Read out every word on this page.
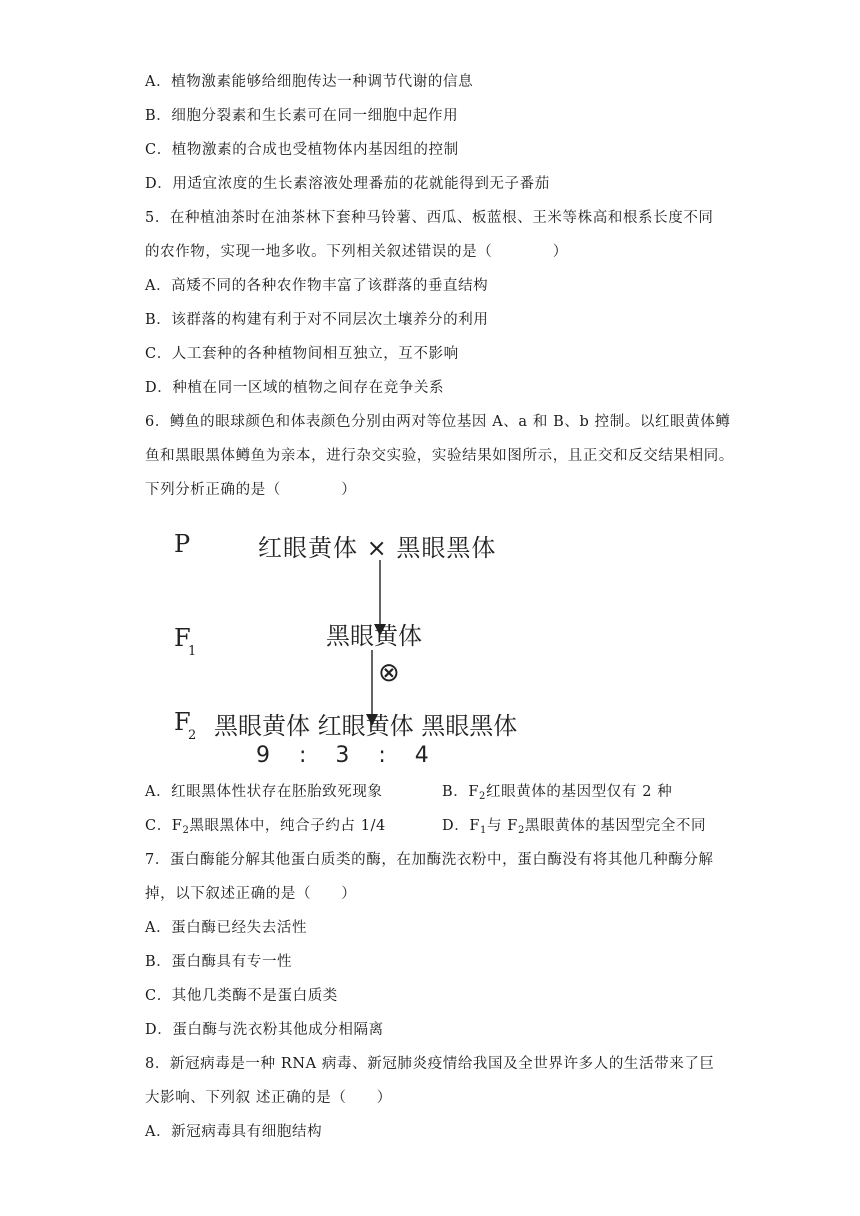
A．植物激素能够给细胞传达一种调节代谢的信息
B．细胞分裂素和生长素可在同一细胞中起作用
C．植物激素的合成也受植物体内基因组的控制
D．用适宜浓度的生长素溶液处理番茄的花就能得到无子番茄
5．在种植油茶时在油茶林下套种马铃薯、西瓜、板蓝根、王米等株高和根系长度不同
的农作物，实现一地多收。下列相关叙述错误的是（　　　　）
A．高矮不同的各种农作物丰富了该群落的垂直结构
B．该群落的构建有利于对不同层次土壤养分的利用
C．人工套种的各种植物间相互独立，互不影响
D．种植在同一区域的植物之间存在竞争关系
6．鳟鱼的眼球颜色和体表颜色分别由两对等位基因 A、a 和 B、b 控制。以红眼黄体鳟
鱼和黑眼黑体鳟鱼为亲本，进行杂交实验，实验结果如图所示，且正交和反交结果相同。
下列分析正确的是（　　　　）
P	红眼黄体 × 黑眼黑体
F
1
黑眼黄体
⊗
F
2 黑眼黄体 红眼黄体 黑眼黑体
9　 :　 3　 :　 4
A．红眼黑体性状存在胚胎致死现象	B．$F_2$红眼黄体的基因型仅有 2 种
C．$F_2$黑眼黑体中，纯合子约占 1/4	D．$F_1$与 $F_2$黑眼黄体的基因型完全不同
7．蛋白酶能分解其他蛋白质类的酶，在加酶洗衣粉中，蛋白酶没有将其他几种酶分解
掉，以下叙述正确的是（　　）
A．蛋白酶已经失去活性
B．蛋白酶具有专一性
C．其他几类酶不是蛋白质类
D．蛋白酶与洗衣粉其他成分相隔离
8．新冠病毒是一种 RNA 病毒、新冠肺炎疫情给我国及全世界许多人的生活带来了巨
大影响、下列叙 述正确的是（　　）
A．新冠病毒具有细胞结构
